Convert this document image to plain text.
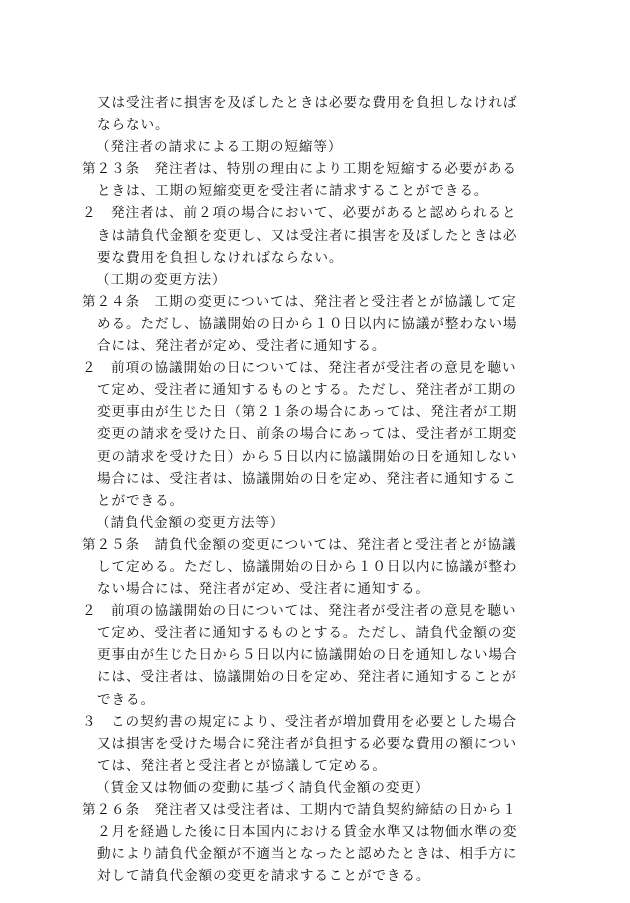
又は受注者に損害を及ぼしたときは必要な費用を負担しなければ
ならない。
（発注者の請求による工期の短縮等）
第２３条　発注者は、特別の理由により工期を短縮する必要がある
ときは、工期の短縮変更を受注者に請求することができる。
２　発注者は、前２項の場合において、必要があると認められると
きは請負代金額を変更し、又は受注者に損害を及ぼしたときは必
要な費用を負担しなければならない。
（工期の変更方法）
第２４条　工期の変更については、発注者と受注者とが協議して定
める。ただし、協議開始の日から１０日以内に協議が整わない場
合には、発注者が定め、受注者に通知する。
２　前項の協議開始の日については、発注者が受注者の意見を聴い
て定め、受注者に通知するものとする。ただし、発注者が工期の
変更事由が生じた日（第２１条の場合にあっては、発注者が工期
変更の請求を受けた日、前条の場合にあっては、受注者が工期変
更の請求を受けた日）から５日以内に協議開始の日を通知しない
場合には、受注者は、協議開始の日を定め、発注者に通知するこ
とができる。
（請負代金額の変更方法等）
第２５条　請負代金額の変更については、発注者と受注者とが協議
して定める。ただし、協議開始の日から１０日以内に協議が整わ
ない場合には、発注者が定め、受注者に通知する。
２　前項の協議開始の日については、発注者が受注者の意見を聴い
て定め、受注者に通知するものとする。ただし、請負代金額の変
更事由が生じた日から５日以内に協議開始の日を通知しない場合
には、受注者は、協議開始の日を定め、発注者に通知することが
できる。
３　この契約書の規定により、受注者が増加費用を必要とした場合
又は損害を受けた場合に発注者が負担する必要な費用の額につい
ては、発注者と受注者とが協議して定める。
（賃金又は物価の変動に基づく請負代金額の変更）
第２６条　発注者又は受注者は、工期内で請負契約締結の日から１
２月を経過した後に日本国内における賃金水準又は物価水準の変
動により請負代金額が不適当となったと認めたときは、相手方に
対して請負代金額の変更を請求することができる。
